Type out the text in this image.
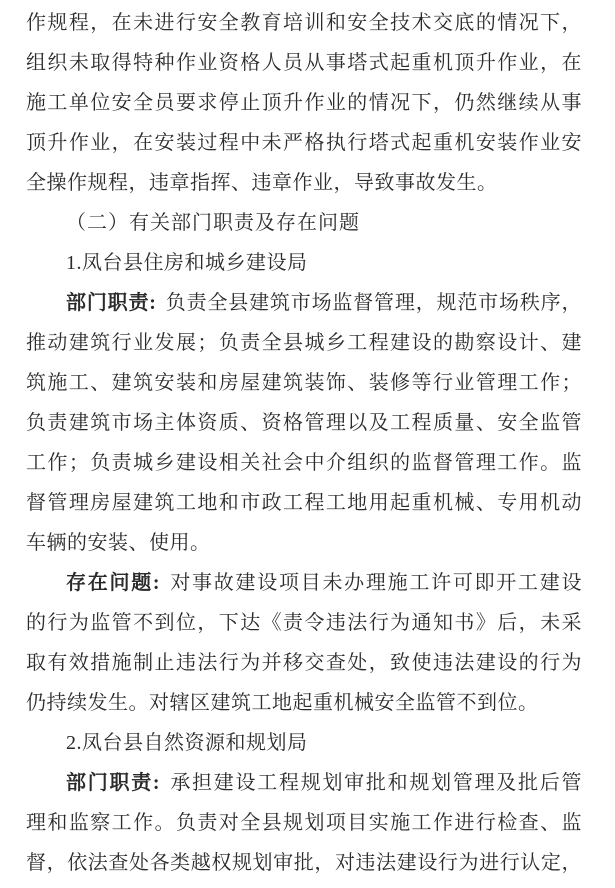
作规程，在未进行安全教育培训和安全技术交底的情况下，
组织未取得特种作业资格人员从事塔式起重机顶升作业，在
施工单位安全员要求停止顶升作业的情况下，仍然继续从事
顶升作业，在安装过程中未严格执行塔式起重机安装作业安
全操作规程，违章指挥、违章作业，导致事故发生。
（二）有关部门职责及存在问题
1.凤台县住房和城乡建设局
部门职责: 负责全县建筑市场监督管理，规范市场秩序，
推动建筑行业发展；负责全县城乡工程建设的勘察设计、建
筑施工、建筑安装和房屋建筑装饰、装修等行业管理工作；
负责建筑市场主体资质、资格管理以及工程质量、安全监管
工作；负责城乡建设相关社会中介组织的监督管理工作。监
督管理房屋建筑工地和市政工程工地用起重机械、专用机动
车辆的安装、使用。
存在问题: 对事故建设项目未办理施工许可即开工建设
的行为监管不到位，下达《责令违法行为通知书》后，未采
取有效措施制止违法行为并移交查处，致使违法建设的行为
仍持续发生。对辖区建筑工地起重机械安全监管不到位。
2.凤台县自然资源和规划局
部门职责: 承担建设工程规划审批和规划管理及批后管
理和监察工作。负责对全县规划项目实施工作进行检查、监
督，依法查处各类越权规划审批，对违法建设行为进行认定，
